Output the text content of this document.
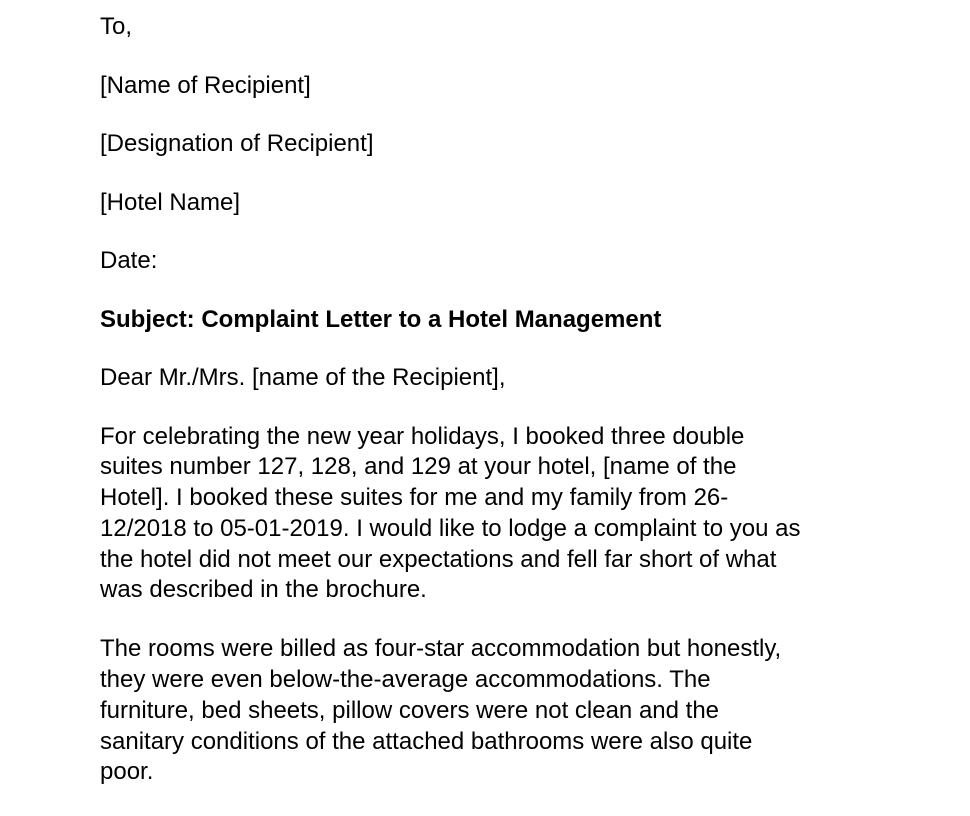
To,

[Name of Recipient]

[Designation of Recipient]

[Hotel Name]

Date:

Subject: Complaint Letter to a Hotel Management

Dear Mr./Mrs. [name of the Recipient],

For celebrating the new year holidays, I booked three double
suites number 127, 128, and 129 at your hotel, [name of the
Hotel]. I booked these suites for me and my family from 26-
12/2018 to 05-01-2019. I would like to lodge a complaint to you as
the hotel did not meet our expectations and fell far short of what
was described in the brochure.
The rooms were billed as four-star accommodation but honestly,
they were even below-the-average accommodations. The
furniture, bed sheets, pillow covers were not clean and the
sanitary conditions of the attached bathrooms were also quite
poor.
